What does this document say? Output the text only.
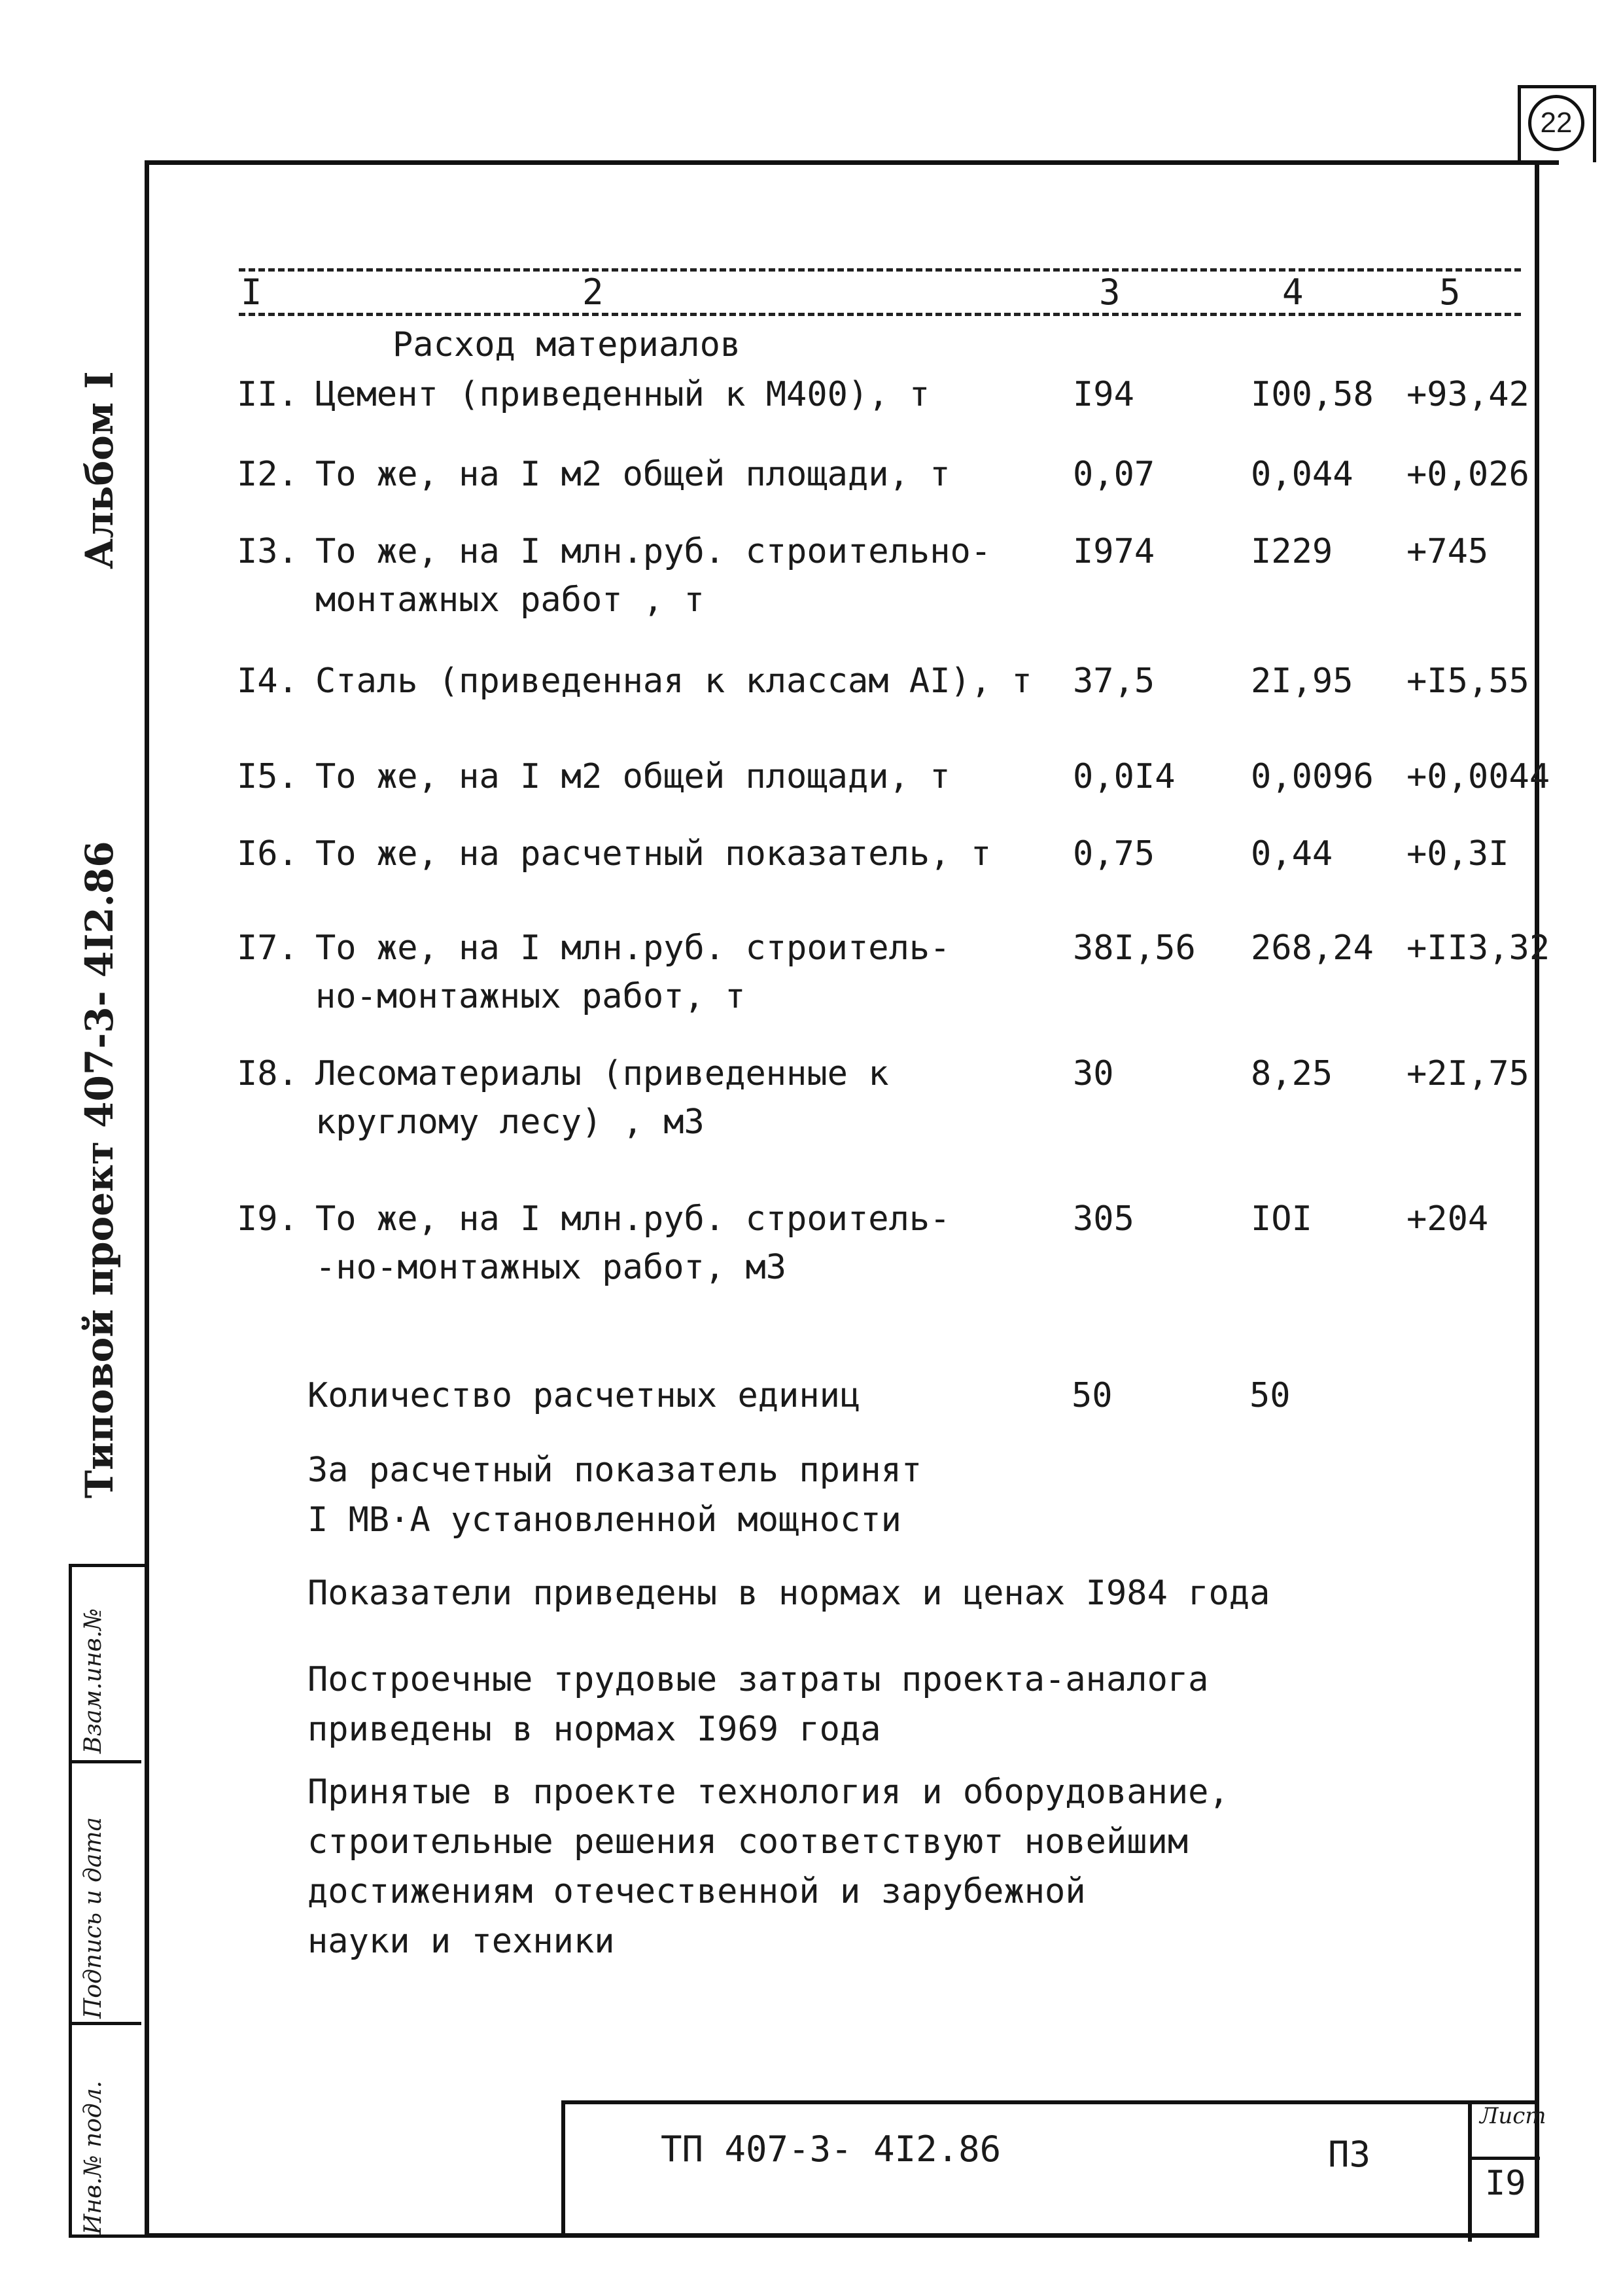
22
Альбом I
Типовой проект 407-3- 4I2.86
Взам.инв.№
Подпись и дата
Инв.№ подл.
I	2	3	4	5
Расход материалов
II. Цемент (приведенный к М400), т	I94	I00,58 +93,42
I2. То же, на I м2 общей площади, т	0,07	0,044 +0,026
I3. То же, на I млн.руб. строительно-
монтажных работ , т
I974	I229 +745
I4. Сталь (приведенная к классам AI), т 37,5	2I,95 +I5,55
I5. То же, на I м2 общей площади, т	0,0I4 0,0096 +0,0044
I6. То же, на расчетный показатель, т 0,75	0,44 +0,3I
I7. То же, на I млн.руб. строитель-
но-монтажных работ, т
38I,56 268,24 +II3,32
I8. Лесоматериалы (приведенные к
круглому лесу) , м3
30	8,25 +2I,75
I9. То же, на I млн.руб. строитель-
-но-монтажных работ, м3
305	IOI	+204
Количество расчетных единиц	50	50
За расчетный показатель принят
I МВ·А установленной мощности
Показатели приведены в нормах и ценах I984 года
Построечные трудовые затраты проекта-аналога
приведены в нормах I969 года
Принятые в проекте технология и оборудование,
строительные решения соответствуют новейшим
достижениям отечественной и зарубежной
науки и техники
ТП 407-3- 4I2.86	ПЗ
Лист
I9
